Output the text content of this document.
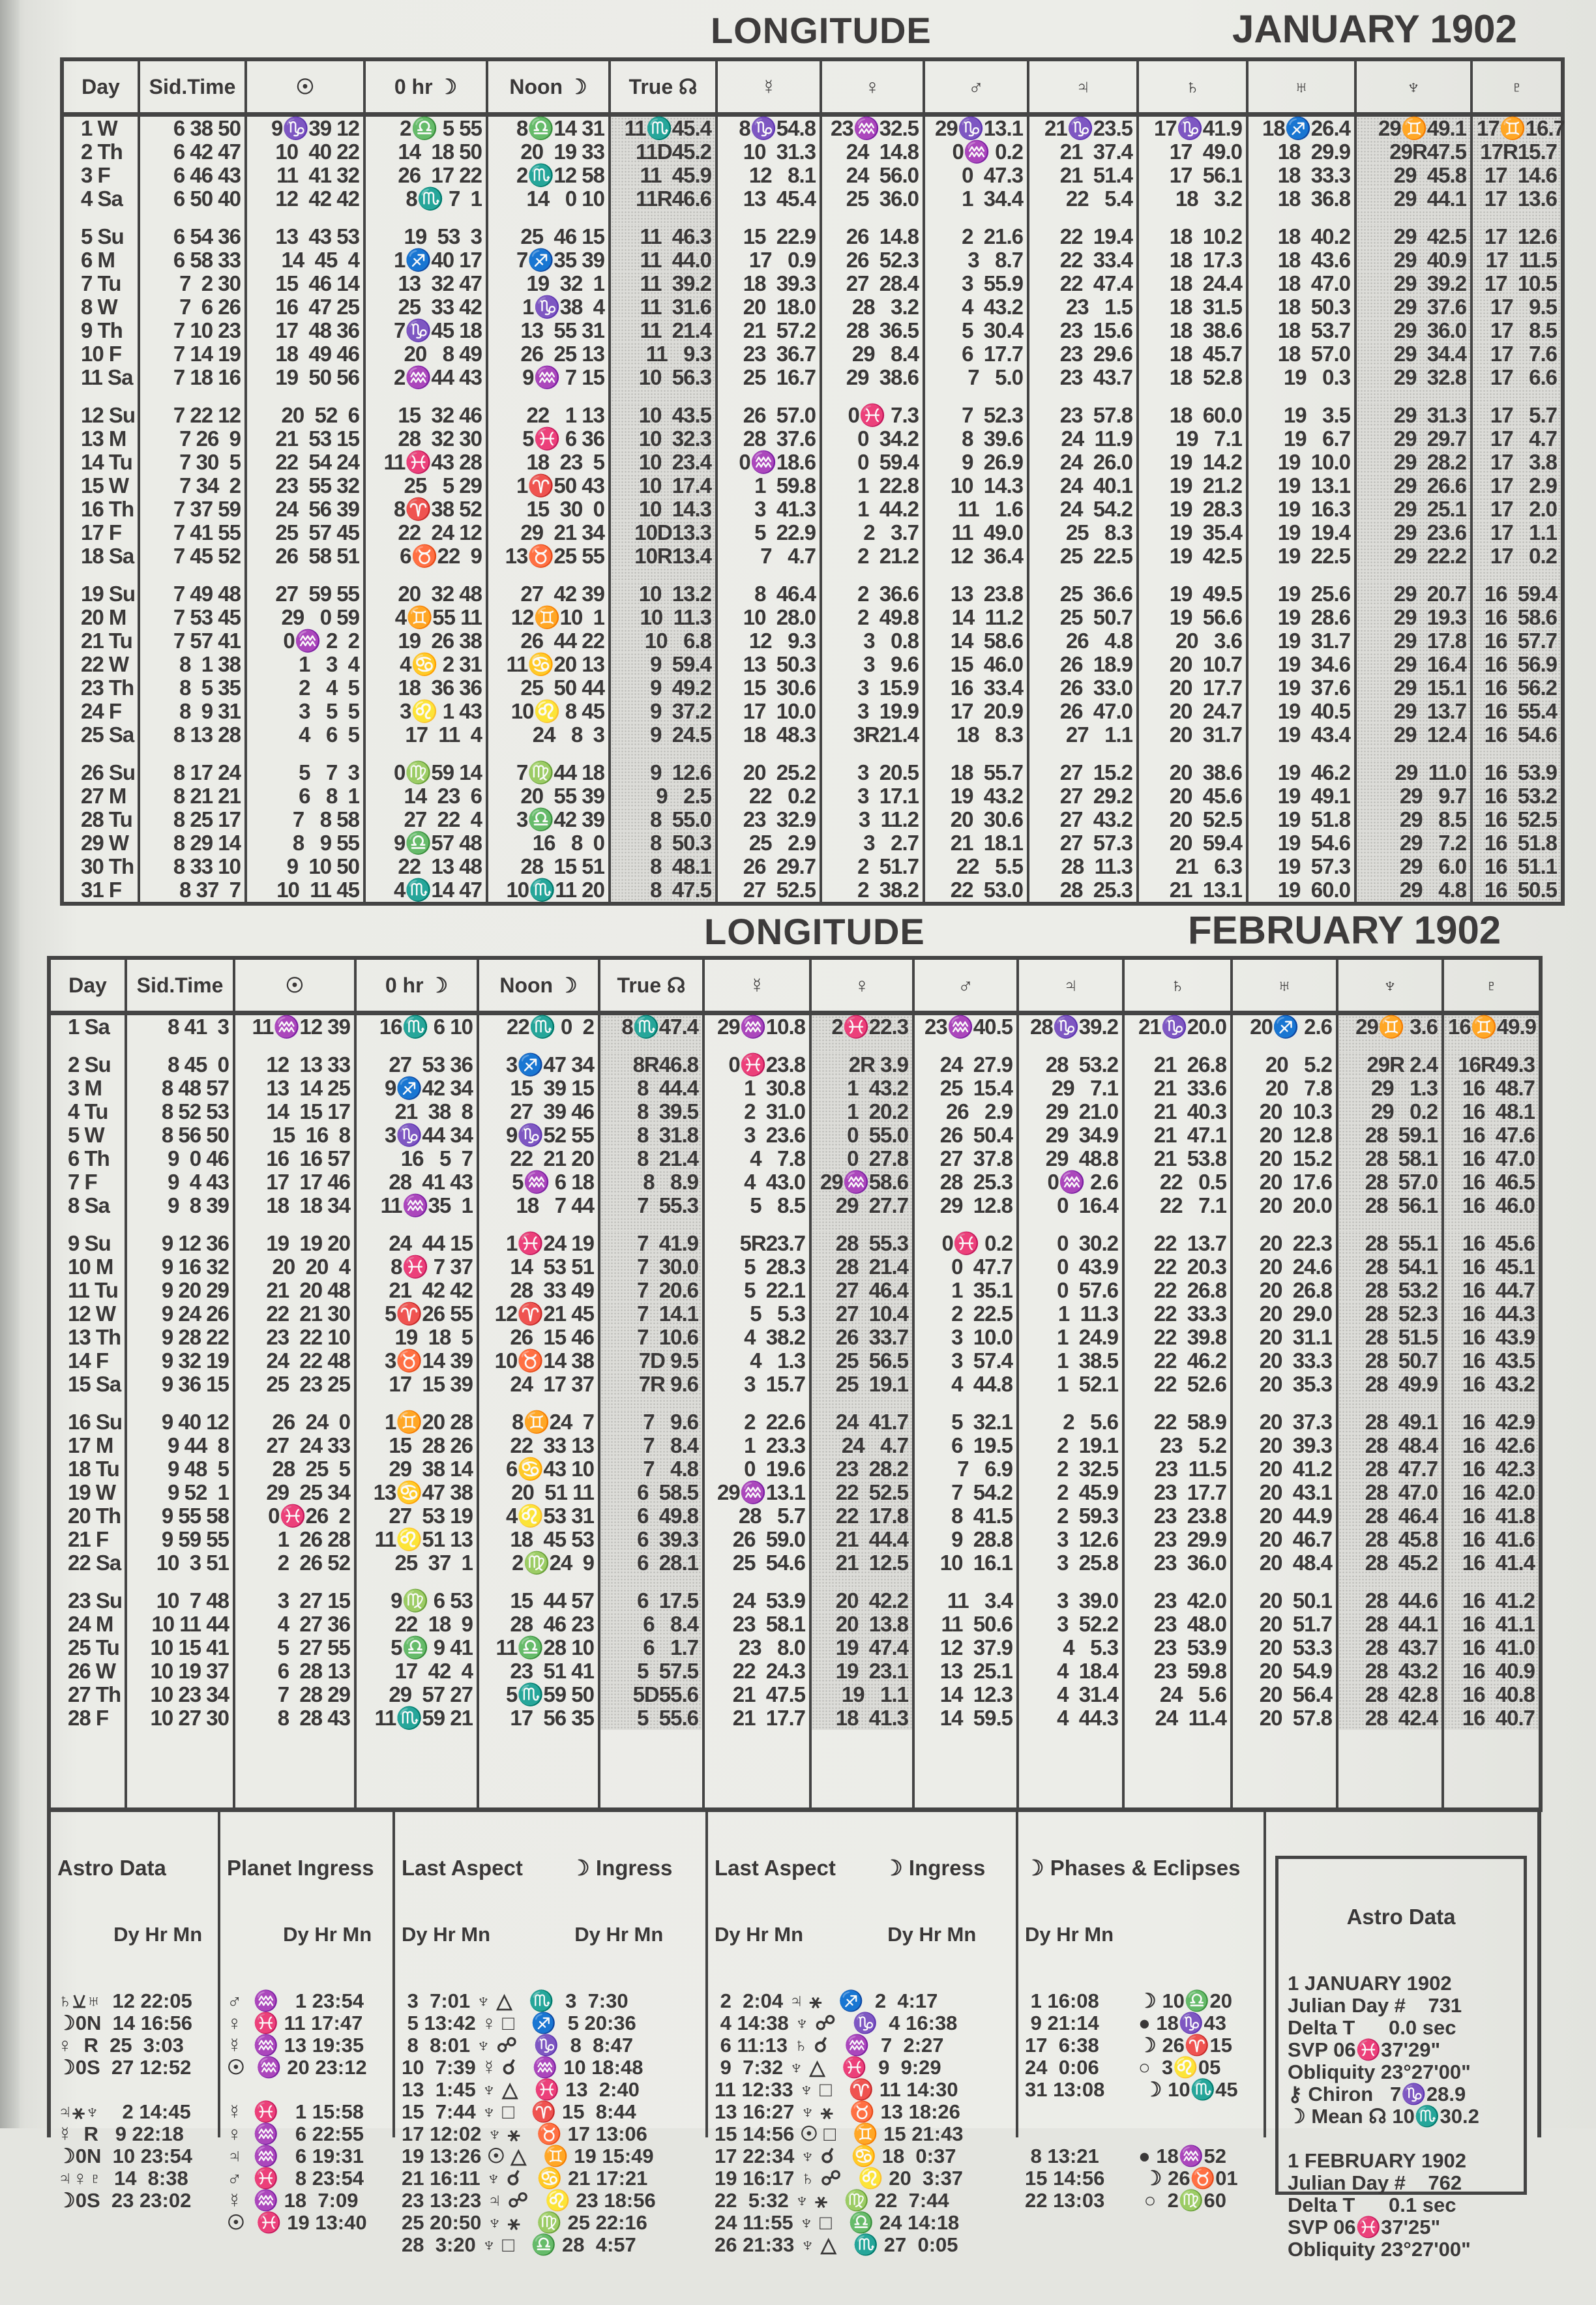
LONGITUDE	JANUARY 1902
Day	Sid.Time	☉	0 hr ☽	Noon ☽	True ☊	☿	♀	♂	♃	♄	♅	♆	♇
1 W	6 38 50	9♑39 12	2♎ 5 55	8♎14 31	11♏45.4	8♑54.8	23♒32.5	29♑13.1	21♑23.5	17♑41.9	18♐26.4	29♊49.1	17♊16.7
2 Th	6 42 47	10  40 22	14  18 50	20  19 33	11D45.2	10  31.3	24  14.8	0♒ 0.2	21  37.4	17  49.0	18  29.9	29R47.5	17R15.7
3 F	6 46 43	11  41 32	26  17 22	2♏12 58	11  45.9	12   8.1	24  56.0	0  47.3	21  51.4	17  56.1	18  33.3	29  45.8	17  14.6
4 Sa	6 50 40	12  42 42	8♏ 7  1	14   0 10	11R46.6	13  45.4	25  36.0	1  34.4	22   5.4	18   3.2	18  36.8	29  44.1	17  13.6

5 Su	6 54 36	13  43 53	19  53  3	25  46 15	11  46.3	15  22.9	26  14.8	2  21.6	22  19.4	18  10.2	18  40.2	29  42.5	17  12.6
6 M	6 58 33	14  45  4	1♐40 17	7♐35 39	11  44.0	17   0.9	26  52.3	3   8.7	22  33.4	18  17.3	18  43.6	29  40.9	17  11.5
7 Tu	7  2 30	15  46 14	13  32 47	19  32  1	11  39.2	18  39.3	27  28.4	3  55.9	22  47.4	18  24.4	18  47.0	29  39.2	17  10.5
8 W	7  6 26	16  47 25	25  33 42	1♑38  4	11  31.6	20  18.0	28   3.2	4  43.2	23   1.5	18  31.5	18  50.3	29  37.6	17   9.5
9 Th	7 10 23	17  48 36	7♑45 18	13  55 31	11  21.4	21  57.2	28  36.5	5  30.4	23  15.6	18  38.6	18  53.7	29  36.0	17   8.5
10 F	7 14 19	18  49 46	20   8 49	26  25 13	11   9.3	23  36.7	29   8.4	6  17.7	23  29.6	18  45.7	18  57.0	29  34.4	17   7.6
11 Sa	7 18 16	19  50 56	2♒44 43	9♒ 7 15	10  56.3	25  16.7	29  38.6	7   5.0	23  43.7	18  52.8	19   0.3	29  32.8	17   6.6

12 Su	7 22 12	20  52  6	15  32 46	22   1 13	10  43.5	26  57.0	0♓ 7.3	7  52.3	23  57.8	18  60.0	19   3.5	29  31.3	17   5.7
13 M	7 26  9	21  53 15	28  32 30	5♓ 6 36	10  32.3	28  37.6	0  34.2	8  39.6	24  11.9	19   7.1	19   6.7	29  29.7	17   4.7
14 Tu	7 30  5	22  54 24	11♓43 28	18  23  5	10  23.4	0♒18.6	0  59.4	9  26.9	24  26.0	19  14.2	19  10.0	29  28.2	17   3.8
15 W	7 34  2	23  55 32	25   5 29	1♈50 43	10  17.4	1  59.8	1  22.8	10  14.3	24  40.1	19  21.2	19  13.1	29  26.6	17   2.9
16 Th	7 37 59	24  56 39	8♈38 52	15  30  0	10  14.3	3  41.3	1  44.2	11   1.6	24  54.2	19  28.3	19  16.3	29  25.1	17   2.0
17 F	7 41 55	25  57 45	22  24 12	29  21 34	10D13.3	5  22.9	2   3.7	11  49.0	25   8.3	19  35.4	19  19.4	29  23.6	17   1.1
18 Sa	7 45 52	26  58 51	6♉22  9	13♉25 55	10R13.4	7   4.7	2  21.2	12  36.4	25  22.5	19  42.5	19  22.5	29  22.2	17   0.2

19 Su	7 49 48	27  59 55	20  32 48	27  42 39	10  13.2	8  46.4	2  36.6	13  23.8	25  36.6	19  49.5	19  25.6	29  20.7	16  59.4
20 M	7 53 45	29   0 59	4♊55 11	12♊10  1	10  11.3	10  28.0	2  49.8	14  11.2	25  50.7	19  56.6	19  28.6	29  19.3	16  58.6
21 Tu	7 57 41	0♒ 2  2	19  26 38	26  44 22	10   6.8	12   9.3	3   0.8	14  58.6	26   4.8	20   3.6	19  31.7	29  17.8	16  57.7
22 W	8  1 38	1   3  4	4♋ 2 31	11♋20 13	9  59.4	13  50.3	3   9.6	15  46.0	26  18.9	20  10.7	19  34.6	29  16.4	16  56.9
23 Th	8  5 35	2   4  5	18  36 36	25  50 44	9  49.2	15  30.6	3  15.9	16  33.4	26  33.0	20  17.7	19  37.6	29  15.1	16  56.2
24 F	8  9 31	3   5  5	3♌ 1 43	10♌ 8 45	9  37.2	17  10.0	3  19.9	17  20.9	26  47.0	20  24.7	19  40.5	29  13.7	16  55.4
25 Sa	8 13 28	4   6  5	17  11  4	24   8  3	9  24.5	18  48.3	3R21.4	18   8.3	27   1.1	20  31.7	19  43.4	29  12.4	16  54.6

26 Su	8 17 24	5   7  3	0♍59 14	7♍44 18	9  12.6	20  25.2	3  20.5	18  55.7	27  15.2	20  38.6	19  46.2	29  11.0	16  53.9
27 M	8 21 21	6   8  1	14  23  6	20  55 39	9   2.5	22   0.2	3  17.1	19  43.2	27  29.2	20  45.6	19  49.1	29   9.7	16  53.2
28 Tu	8 25 17	7   8 58	27  22  4	3♎42 39	8  55.0	23  32.9	3  11.2	20  30.6	27  43.2	20  52.5	19  51.8	29   8.5	16  52.5
29 W	8 29 14	8   9 55	9♎57 48	16   8  0	8  50.3	25   2.9	3   2.7	21  18.1	27  57.3	20  59.4	19  54.6	29   7.2	16  51.8
30 Th	8 33 10	9  10 50	22  13 48	28  15 51	8  48.1	26  29.7	2  51.7	22   5.5	28  11.3	21   6.3	19  57.3	29   6.0	16  51.1
31 F	8 37  7	10  11 45	4♏14 47	10♏11 20	8  47.5	27  52.5	2  38.2	22  53.0	28  25.3	21  13.1	19  60.0	29   4.8	16  50.5
LONGITUDE	FEBRUARY 1902
Day	Sid.Time	☉	0 hr ☽	Noon ☽	True ☊	☿	♀	♂	♃	♄	♅	♆	♇
1 Sa	8 41  3	11♒12 39	16♏ 6 10	22♏ 0  2	8♏47.4	29♒10.8	2♓22.3	23♒40.5	28♑39.2	21♑20.0	20♐ 2.6	29♊ 3.6	16♊49.9

2 Su	8 45  0	12  13 33	27  53 36	3♐47 34	8R46.8	0♓23.8	2R 3.9	24  27.9	28  53.2	21  26.8	20   5.2	29R 2.4	16R49.3
3 M	8 48 57	13  14 25	9♐42 34	15  39 15	8  44.4	1  30.8	1  43.2	25  15.4	29   7.1	21  33.6	20   7.8	29   1.3	16  48.7
4 Tu	8 52 53	14  15 17	21  38  8	27  39 46	8  39.5	2  31.0	1  20.2	26   2.9	29  21.0	21  40.3	20  10.3	29   0.2	16  48.1
5 W	8 56 50	15  16  8	3♑44 34	9♑52 55	8  31.8	3  23.6	0  55.0	26  50.4	29  34.9	21  47.1	20  12.8	28  59.1	16  47.6
6 Th	9  0 46	16  16 57	16   5  7	22  21 20	8  21.4	4   7.8	0  27.8	27  37.8	29  48.8	21  53.8	20  15.2	28  58.1	16  47.0
7 F	9  4 43	17  17 46	28  41 43	5♒ 6 18	8   8.9	4  43.0	29♒58.6	28  25.3	0♒ 2.6	22   0.5	20  17.6	28  57.0	16  46.5
8 Sa	9  8 39	18  18 34	11♒35  1	18   7 44	7  55.3	5   8.5	29  27.7	29  12.8	0  16.4	22   7.1	20  20.0	28  56.1	16  46.0

9 Su	9 12 36	19  19 20	24  44 15	1♓24 19	7  41.9	5R23.7	28  55.3	0♓ 0.2	0  30.2	22  13.7	20  22.3	28  55.1	16  45.6
10 M	9 16 32	20  20  4	8♓ 7 37	14  53 51	7  30.0	5  28.3	28  21.4	0  47.7	0  43.9	22  20.3	20  24.6	28  54.1	16  45.1
11 Tu	9 20 29	21  20 48	21  42 42	28  33 49	7  20.6	5  22.1	27  46.4	1  35.1	0  57.6	22  26.8	20  26.8	28  53.2	16  44.7
12 W	9 24 26	22  21 30	5♈26 55	12♈21 45	7  14.1	5   5.3	27  10.4	2  22.5	1  11.3	22  33.3	20  29.0	28  52.3	16  44.3
13 Th	9 28 22	23  22 10	19  18  5	26  15 46	7  10.6	4  38.2	26  33.7	3  10.0	1  24.9	22  39.8	20  31.1	28  51.5	16  43.9
14 F	9 32 19	24  22 48	3♉14 39	10♉14 38	7D 9.5	4   1.3	25  56.5	3  57.4	1  38.5	22  46.2	20  33.3	28  50.7	16  43.5
15 Sa	9 36 15	25  23 25	17  15 39	24  17 37	7R 9.6	3  15.7	25  19.1	4  44.8	1  52.1	22  52.6	20  35.3	28  49.9	16  43.2

16 Su	9 40 12	26  24  0	1♊20 28	8♊24  7	7   9.6	2  22.6	24  41.7	5  32.1	2   5.6	22  58.9	20  37.3	28  49.1	16  42.9
17 M	9 44  8	27  24 33	15  28 26	22  33 13	7   8.4	1  23.3	24   4.7	6  19.5	2  19.1	23   5.2	20  39.3	28  48.4	16  42.6
18 Tu	9 48  5	28  25  5	29  38 14	6♋43 10	7   4.8	0  19.6	23  28.2	7   6.9	2  32.5	23  11.5	20  41.2	28  47.7	16  42.3
19 W	9 52  1	29  25 34	13♋47 38	20  51 11	6  58.5	29♒13.1	22  52.5	7  54.2	2  45.9	23  17.7	20  43.1	28  47.0	16  42.0
20 Th	9 55 58	0♓26  2	27  53 19	4♌53 31	6  49.8	28   5.7	22  17.8	8  41.5	2  59.3	23  23.8	20  44.9	28  46.4	16  41.8
21 F	9 59 55	1  26 28	11♌51 13	18  45 53	6  39.3	26  59.0	21  44.4	9  28.8	3  12.6	23  29.9	20  46.7	28  45.8	16  41.6
22 Sa	10  3 51	2  26 52	25  37  1	2♍24  9	6  28.1	25  54.6	21  12.5	10  16.1	3  25.8	23  36.0	20  48.4	28  45.2	16  41.4

23 Su	10  7 48	3  27 15	9♍ 6 53	15  44 57	6  17.5	24  53.9	20  42.2	11   3.4	3  39.0	23  42.0	20  50.1	28  44.6	16  41.2
24 M	10 11 44	4  27 36	22  18  9	28  46 23	6   8.4	23  58.1	20  13.8	11  50.6	3  52.2	23  48.0	20  51.7	28  44.1	16  41.1
25 Tu	10 15 41	5  27 55	5♎ 9 41	11♎28 10	6   1.7	23   8.0	19  47.4	12  37.9	4   5.3	23  53.9	20  53.3	28  43.7	16  41.0
26 W	10 19 37	6  28 13	17  42  4	23  51 41	5  57.5	22  24.3	19  23.1	13  25.1	4  18.4	23  59.8	20  54.9	28  43.2	16  40.9
27 Th	10 23 34	7  28 29	29  57 27	5♏59 50	5D55.6	21  47.5	19   1.1	14  12.3	4  31.4	24   5.6	20  56.4	28  42.8	16  40.8
28 F	10 27 30	8  28 43	11♏59 21	17  56 35	5  55.6	21  17.7	18  41.3	14  59.5	4  44.3	24  11.4	20  57.8	28  42.4	16  40.7

Astro Data

Dy Hr Mn

♄⚺♅  12 22:05
☽0N  14 16:56
♀  R  25  3:03
☽0S  27 12:52

♃⚹♆    2 14:45
☿  R   9 22:18
☽0N  10 23:54
♃♀♇  14  8:38
☽0S  23 23:02

Planet Ingress

Dy Hr Mn

♂  ♒   1 23:54
♀  ♓ 11 17:47
☿  ♒ 13 19:35
☉  ♒ 20 23:12

☿  ♓   1 15:58
♀  ♒   6 22:55
♃  ♒   6 19:31
♂  ♓   8 23:54
☿  ♒ 18  7:09
☉  ♓ 19 13:40

Last Aspect        ☽ Ingress

Dy Hr Mn               Dy Hr Mn

3  7:01 ♆ △   ♏  3  7:30
5 13:42 ♀ □   ♐  5 20:36
8  8:01 ♆ ☍   ♑  8  8:47
10  7:39 ☿ ☌   ♒ 10 18:48
13  1:45 ♆ △   ♓ 13  2:40
15  7:44 ♆ □   ♈ 15  8:44
17 12:02 ♆ ⚹   ♉ 17 13:06
19 13:26 ☉ △   ♊ 19 15:49
21 16:11 ♆ ☌   ♋ 21 17:21
23 13:23 ♃ ☍   ♌ 23 18:56
25 20:50 ♆ ⚹   ♍ 25 22:16
28  3:20 ♆ □   ♎ 28  4:57

Last Aspect        ☽ Ingress

Dy Hr Mn               Dy Hr Mn

2  2:04 ♃ ⚹   ♐  2  4:17
4 14:38 ♆ ☍   ♑  4 16:38
6 11:13 ♄ ☌   ♒  7  2:27
9  7:32 ♆ △   ♓  9  9:29
11 12:33 ♆ □   ♈ 11 14:30
13 16:27 ♆ ⚹   ♉ 13 18:26
15 14:56 ☉ □   ♊ 15 21:43
17 22:34 ♆ ☌   ♋ 18  0:37
19 16:17 ♄ ☍   ♌ 20  3:37
22  5:32 ♆ ⚹   ♍ 22  7:44
24 11:55 ♆ □   ♎ 24 14:18
26 21:33 ♆ △   ♏ 27  0:05

☽ Phases & Eclipses

Dy Hr Mn

1 16:08       ☽ 10♎20
9 21:14       ● 18♑43
17  6:38       ☽ 26♈15
24  0:06       ○  3♌05
31 13:08       ☽ 10♏45

8 13:21       ● 18♒52
15 14:56       ☽ 26♉01
22 13:03       ○  2♍60

Astro Data

1 JANUARY 1902
Julian Day #    731
Delta T      0.0 sec
SVP 06♓37'29"
Obliquity 23°27'00"
⚷ Chiron   7♑28.9
☽ Mean ☊ 10♏30.2

1 FEBRUARY 1902
Julian Day #    762
Delta T      0.1 sec
SVP 06♓37'25"
Obliquity 23°27'00"
